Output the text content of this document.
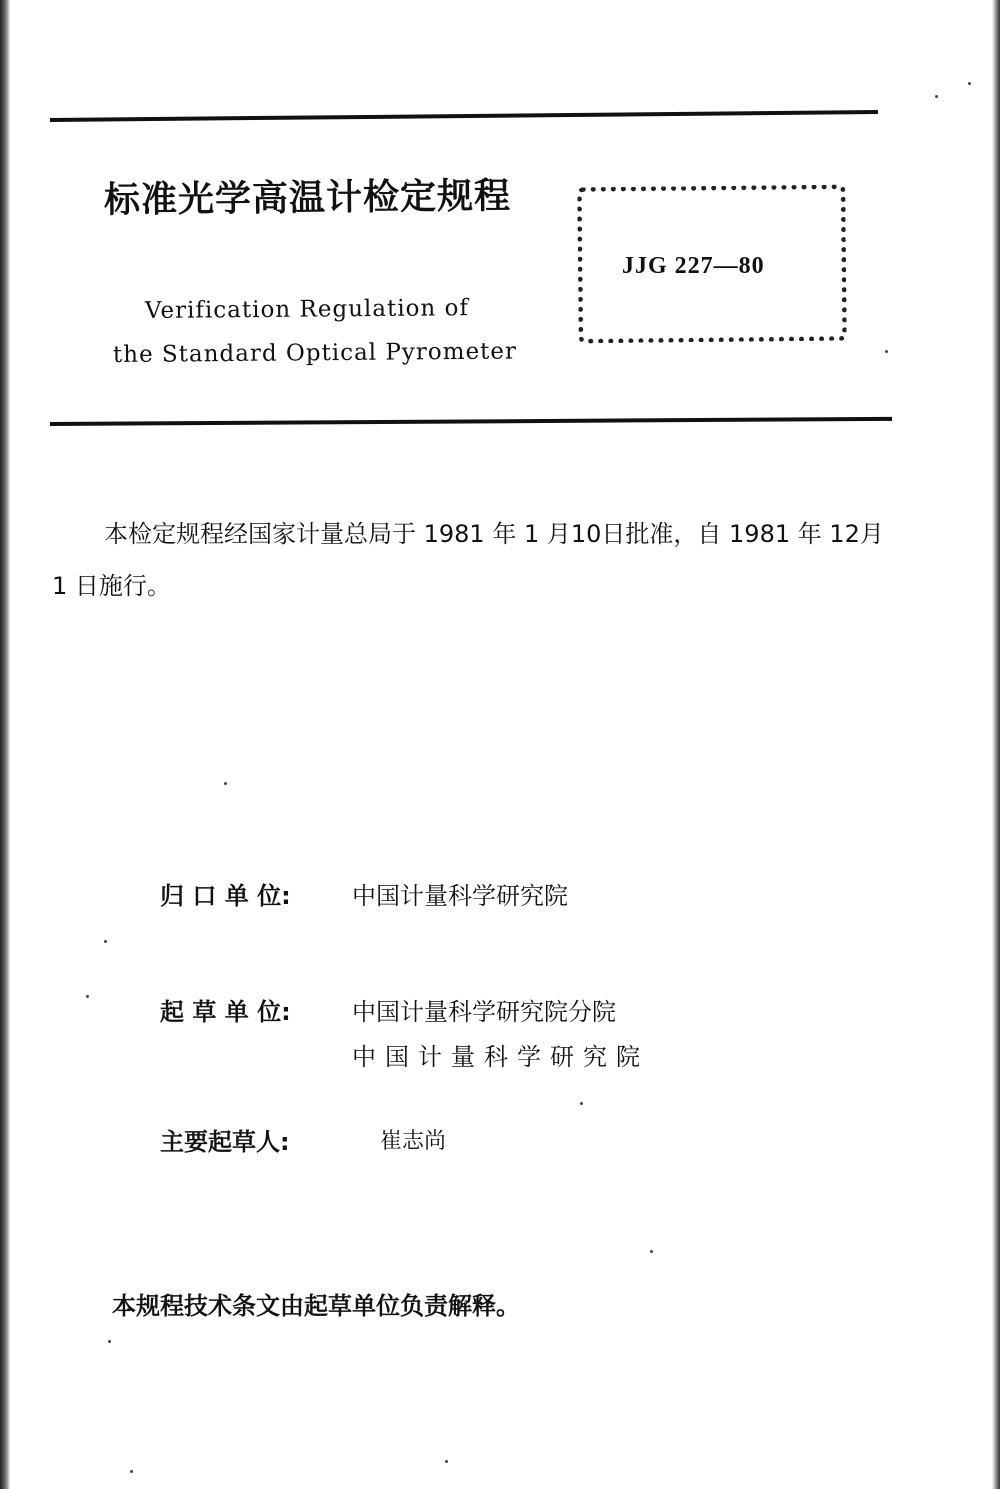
标准光学高温计检定规程
JJG 227—80
Verification Regulation of
the Standard Optical Pyrometer
本检定规程经国家计量总局于 1981 年 1 月10日批准，自 1981 年 12月 1 日施行。
归 口 单 位:	中国计量科学研究院
起 草 单 位:	中国计量科学研究院分院
中国计量科学研究院
主要起草人:	崔志尚
本规程技术条文由起草单位负责解释。
